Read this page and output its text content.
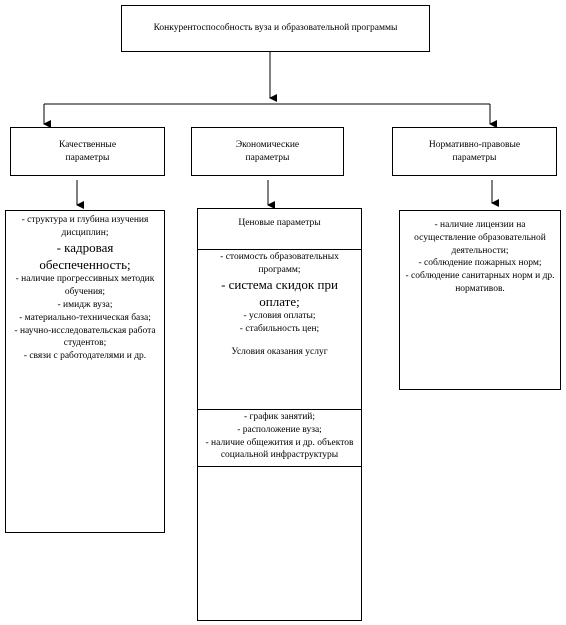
Конкурентоспособность вуза и образовательной программы
Качественные параметры
Экономические параметры
Нормативно-правовые параметры
- структура и глубина изучения дисциплин;
- кадровая обеспеченность;
- наличие прогрессивных методик обучения;
- имидж вуза;
- материально-техническая база;
- научно-исследовательская работа студентов;
- связи с работодателями и др.
Ценовые параметры
- стоимость образовательных программ;
- система скидок при оплате;
- условия оплаты;
- стабильность цен;
Условия оказания услуг
- график занятий;
- расположение вуза;
- наличие общежития и др. объектов социальной инфраструктуры
- наличие лицензии на осуществление образовательной деятельности;
- соблюдение пожарных норм;
- соблюдение санитарных норм и др. нормативов.
